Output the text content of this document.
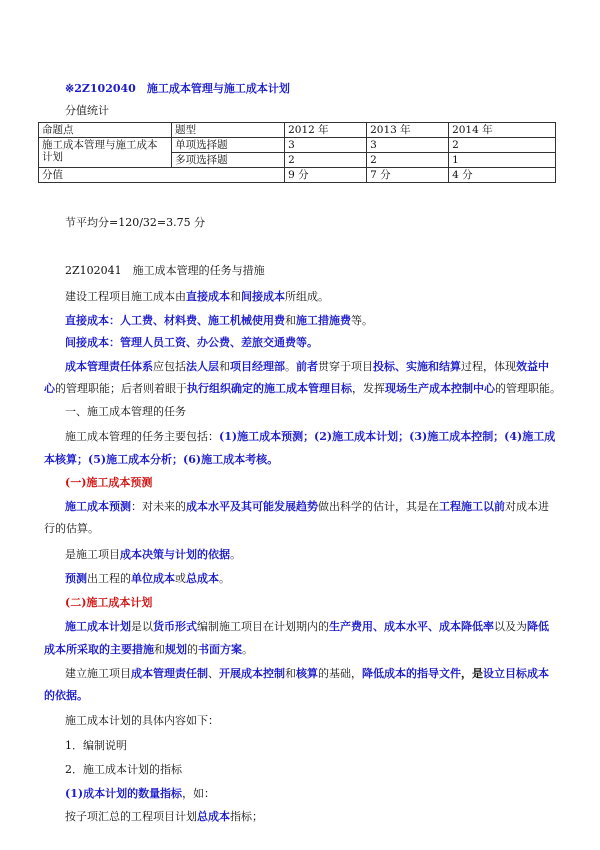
※2Z102040　施工成本管理与施工成本计划
分值统计
命题点	题型	2012 年	2013 年	2014 年
施工成本管理与施工成本
计划	单项选择题	3	3	2
	多项选择题	2	2	1
分值		9 分	7 分	4 分
节平均分=120/32=3.75 分
2Z102041　施工成本管理的任务与措施
建设工程项目施工成本由直接成本和间接成本所组成。
直接成本：人工费、材料费、施工机械使用费和施工措施费等。
间接成本：管理人员工资、办公费、差旅交通费等。
成本管理责任体系应包括法人层和项目经理部。前者贯穿于项目投标、实施和结算过程，体现效益中
心的管理职能；后者则着眼于执行组织确定的施工成本管理目标，发挥现场生产成本控制中心的管理职能。
一、施工成本管理的任务
施工成本管理的任务主要包括：(1)施工成本预测；(2)施工成本计划；(3)施工成本控制；(4)施工成
本核算；(5)施工成本分析；(6)施工成本考核。
(一)施工成本预测
施工成本预测：对未来的成本水平及其可能发展趋势做出科学的估计，其是在工程施工以前对成本进
行的估算。
是施工项目成本决策与计划的依据。
预测出工程的单位成本或总成本。
(二)施工成本计划
施工成本计划是以货币形式编制施工项目在计划期内的生产费用、成本水平、成本降低率以及为降低
成本所采取的主要措施和规划的书面方案。
建立施工项目成本管理责任制、开展成本控制和核算的基础，降低成本的指导文件，是设立目标成本
的依据。
施工成本计划的具体内容如下：
1．编制说明
2．施工成本计划的指标
(1)成本计划的数量指标，如：
按子项汇总的工程项目计划总成本指标；
